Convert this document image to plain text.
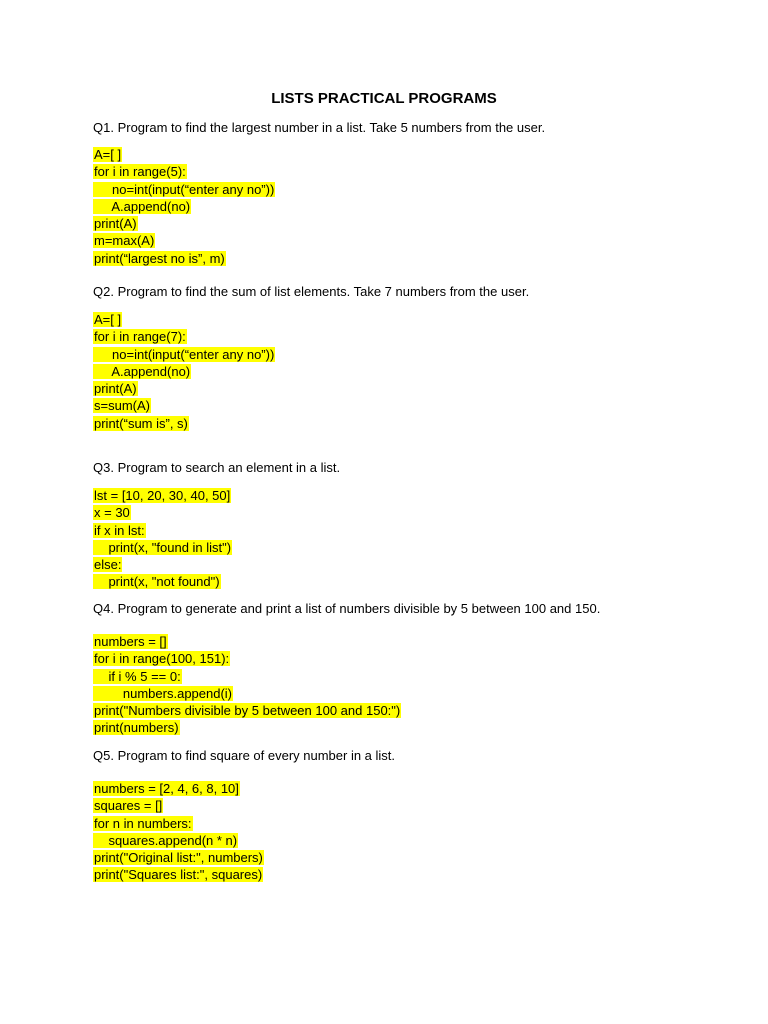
LISTS PRACTICAL PROGRAMS
Q1. Program to find the largest number in a list. Take 5 numbers from the user.
A=[ ]
for i in range(5):
no=int(input(“enter any no”))
A.append(no)
print(A)
m=max(A)
print(“largest no is”, m)
Q2. Program to find the sum of list elements. Take 7 numbers from the user.
A=[ ]
for i in range(7):
no=int(input(“enter any no”))
A.append(no)
print(A)
s=sum(A)
print(“sum is”, s)
Q3. Program to search an element in a list.
lst = [10, 20, 30, 40, 50]
x = 30
if x in lst:
print(x, "found in list")
else:
print(x, "not found")
Q4. Program to generate and print a list of numbers divisible by 5 between 100 and 150.
numbers = []
for i in range(100, 151):
if i % 5 == 0:
numbers.append(i)
print("Numbers divisible by 5 between 100 and 150:")
print(numbers)
Q5. Program to find square of every number in a list.
numbers = [2, 4, 6, 8, 10]
squares = []
for n in numbers:
squares.append(n * n)
print("Original list:", numbers)
print("Squares list:", squares)
